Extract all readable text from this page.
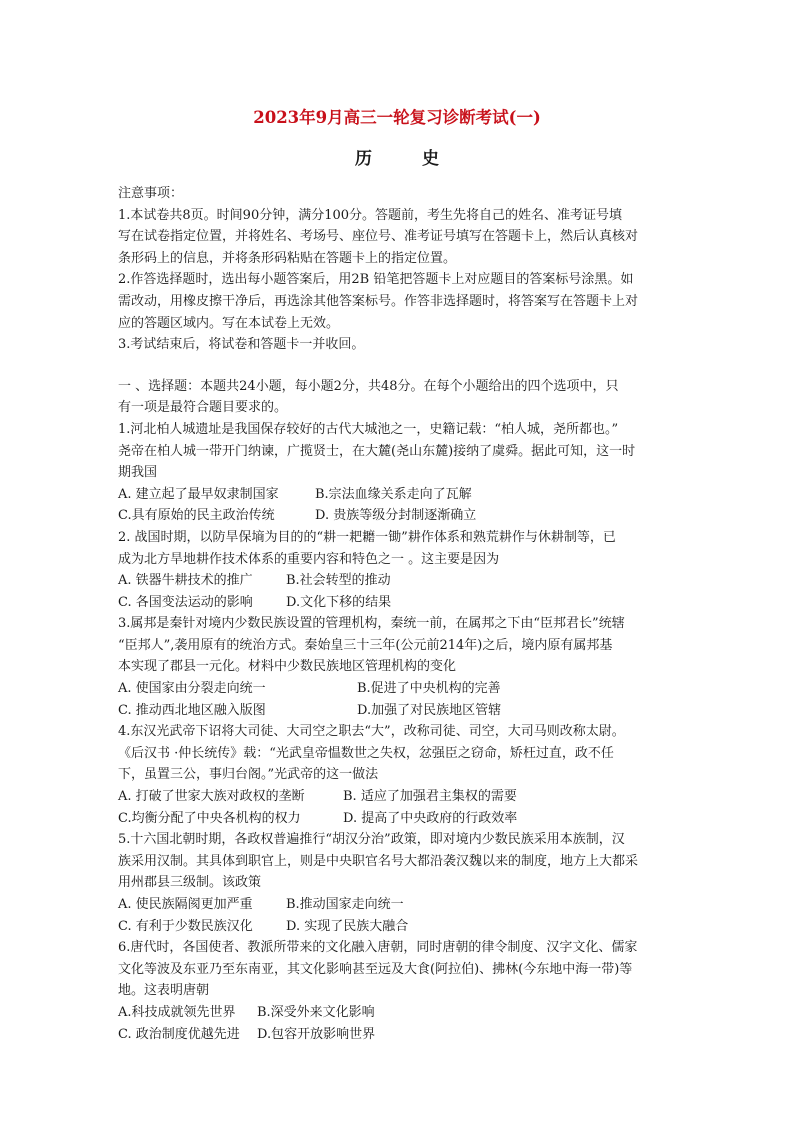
2023年9月高三一轮复习诊断考试(一)
历 史
注意事项：
1.本试卷共8页。时间90分钟，满分100分。答题前，考生先将自己的姓名、准考证号填
写在试卷指定位置，并将姓名、考场号、座位号、准考证号填写在答题卡上，然后认真核对
条形码上的信息，并将条形码粘贴在答题卡上的指定位置。
2.作答选择题时，选出每小题答案后，用2B 铅笔把答题卡上对应题目的答案标号涂黑。如
需改动，用橡皮擦干净后，再选涂其他答案标号。作答非选择题时，将答案写在答题卡上对
应的答题区域内。写在本试卷上无效。
3.考试结束后，将试卷和答题卡一并收回。
一 、选择题：本题共24小题，每小题2分，共48分。在每个小题给出的四个选项中，只
有一项是最符合题目要求的。
1.河北柏人城遗址是我国保存较好的古代大城池之一，史籍记载：“柏人城，尧所都也。”
尧帝在柏人城一带开门纳谏，广揽贤士，在大麓(尧山东麓)接纳了虞舜。据此可知，这一时
期我国
A. 建立起了最早奴隶制国家	B.宗法血缘关系走向了瓦解
C.具有原始的民主政治传统	D. 贵族等级分封制逐渐确立
2. 战国时期，以防旱保墒为目的的“耕一耙耱一锄”耕作体系和熟荒耕作与休耕制等，已
成为北方旱地耕作技术体系的重要内容和特色之一 。这主要是因为
A. 铁器牛耕技术的推广	B.社会转型的推动
C. 各国变法运动的影响	D.文化下移的结果
3.属邦是秦针对境内少数民族设置的管理机构，秦统一前，在属邦之下由“臣邦君长”统辖
“臣邦人”,袭用原有的统治方式。秦始皇三十三年(公元前214年)之后，境内原有属邦基
本实现了郡县一元化。材料中少数民族地区管理机构的变化
A. 使国家由分裂走向统一	B.促进了中央机构的完善
C. 推动西北地区融入版图	D.加强了对民族地区管辖
4.东汉光武帝下诏将大司徒、大司空之职去“大”，改称司徒、司空，大司马则改称太尉。
《后汉书 ·仲长统传》载：“光武皇帝愠数世之失权，忿强臣之窃命，矫枉过直，政不任
下，虽置三公，事归台阁。”光武帝的这一做法
A. 打破了世家大族对政权的垄断	B. 适应了加强君主集权的需要
C.均衡分配了中央各机构的权力	D. 提高了中央政府的行政效率
5.十六国北朝时期，各政权普遍推行“胡汉分治”政策，即对境内少数民族采用本族制，汉
族采用汉制。其具体到职官上，则是中央职官名号大都沿袭汉魏以来的制度，地方上大都采
用州郡县三级制。该政策
A. 使民族隔阂更加严重	B.推动国家走向统一
C. 有利于少数民族汉化	D. 实现了民族大融合
6.唐代时，各国使者、教派所带来的文化融入唐朝，同时唐朝的律令制度、汉字文化、儒家
文化等波及东亚乃至东南亚，其文化影响甚至远及大食(阿拉伯)、拂林(今东地中海一带)等
地。这表明唐朝
A.科技成就领先世界	B.深受外来文化影响
C. 政治制度优越先进	D.包容开放影响世界
